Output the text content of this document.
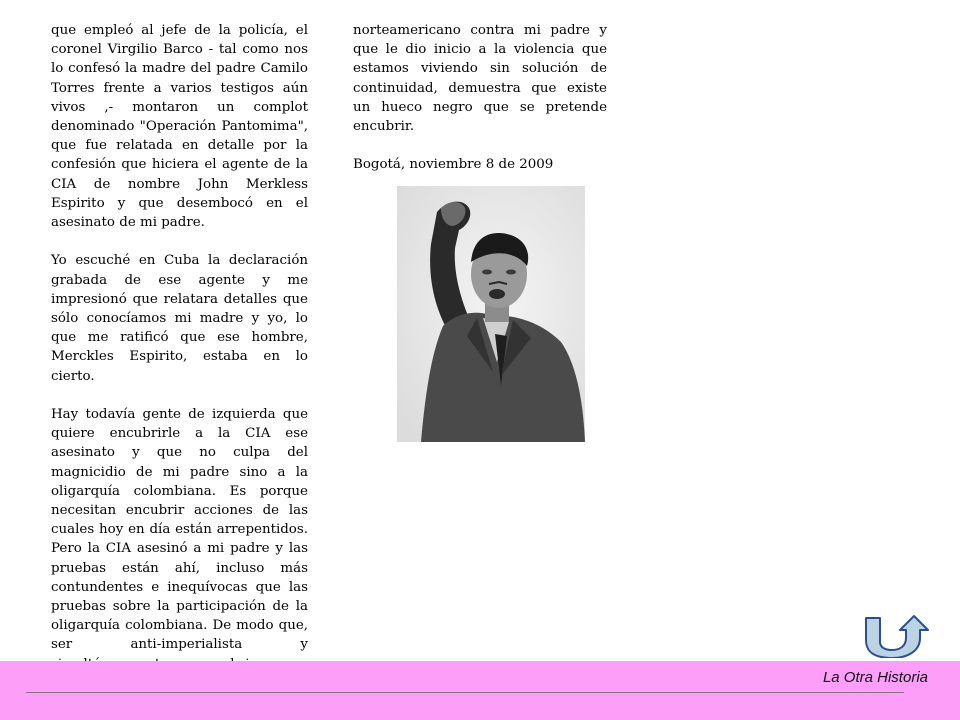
que empleó al jefe de la policía, el coronel Virgilio Barco - tal como nos lo confesó la madre del padre Camilo Torres frente a varios testigos aún vivos ,- montaron un complot denominado "Operación Pantomima", que fue relatada en detalle por la confesión que hiciera el agente de la CIA de nombre John Merkless Espirito y que desembocó en el asesinato de mi padre.

Yo escuché en Cuba la declaración grabada de ese agente y me impresionó que relatara detalles que sólo conocíamos mi madre y yo, lo que me ratificó que ese hombre, Merckles Espirito, estaba en lo cierto.

Hay todavía gente de izquierda que quiere encubrirle a la CIA ese asesinato y que no culpa del magnicidio de mi padre sino a la oligarquía colombiana. Es porque necesitan encubrir acciones de las cuales hoy en día están arrepentidos. Pero la CIA asesinó a mi padre y las pruebas están ahí, incluso más contundentes e inequívocas que las pruebas sobre la participación de la oligarquía colombiana. De modo que, ser anti-imperialista y

norteamericano contra mi padre y que le dio inicio a la violencia que estamos viviendo sin solución de continuidad, demuestra que existe un hueco negro que se pretende encubrir.

Bogotá, noviembre 8 de 2009

La Otra Historia
